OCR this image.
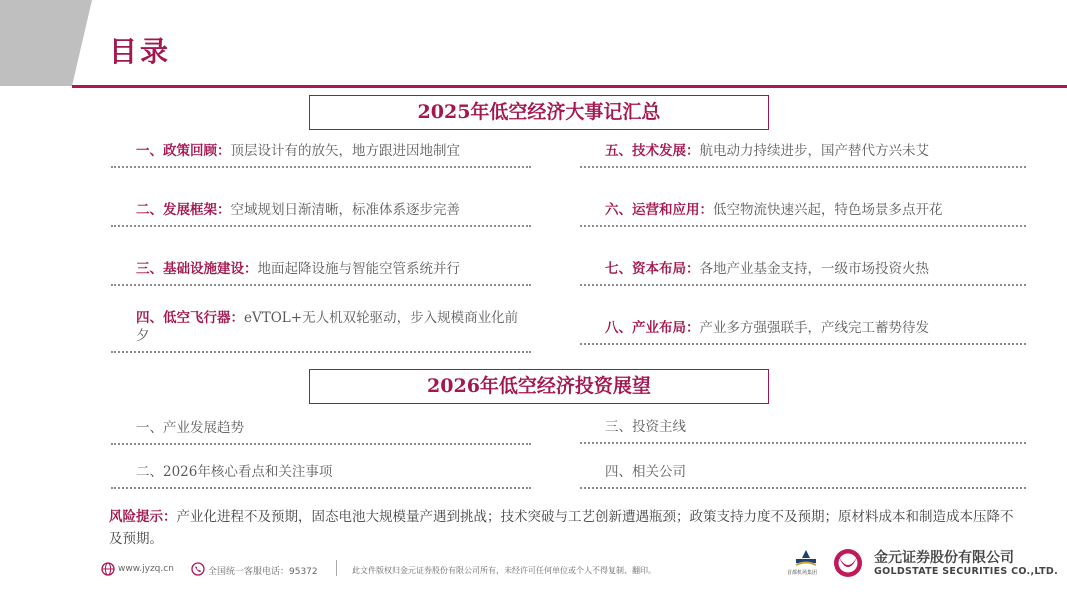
目录
2025年低空经济大事记汇总
一、政策回顾：顶层设计有的放矢，地方跟进因地制宜
二、发展框架：空域规划日渐清晰，标准体系逐步完善
三、基础设施建设：地面起降设施与智能空管系统并行
四、低空飞行器：eVTOL+无人机双轮驱动，步入规模商业化前夕
五、技术发展：航电动力持续进步，国产替代方兴未艾
六、运营和应用：低空物流快速兴起，特色场景多点开花
七、资本布局：各地产业基金支持，一级市场投资火热
八、产业布局：产业多方强强联手，产线完工蓄势待发
2026年低空经济投资展望
一、产业发展趋势
二、2026年核心看点和关注事项
三、投资主线
四、相关公司
风险提示：产业化进程不及预期，固态电池大规模量产遇到挑战；技术突破与工艺创新遭遇瓶颈；政策支持力度不及预期；原材料成本和制造成本压降不及预期。
www.jyzq.cn	全国统一客服电话：95372	此文件版权归金元证券股份有限公司所有，未经许可任何单位或个人不得复制、翻印。	首都机场集团
金元证券股份有限公司
GOLDSTATE SECURITIES CO.,LTD.
